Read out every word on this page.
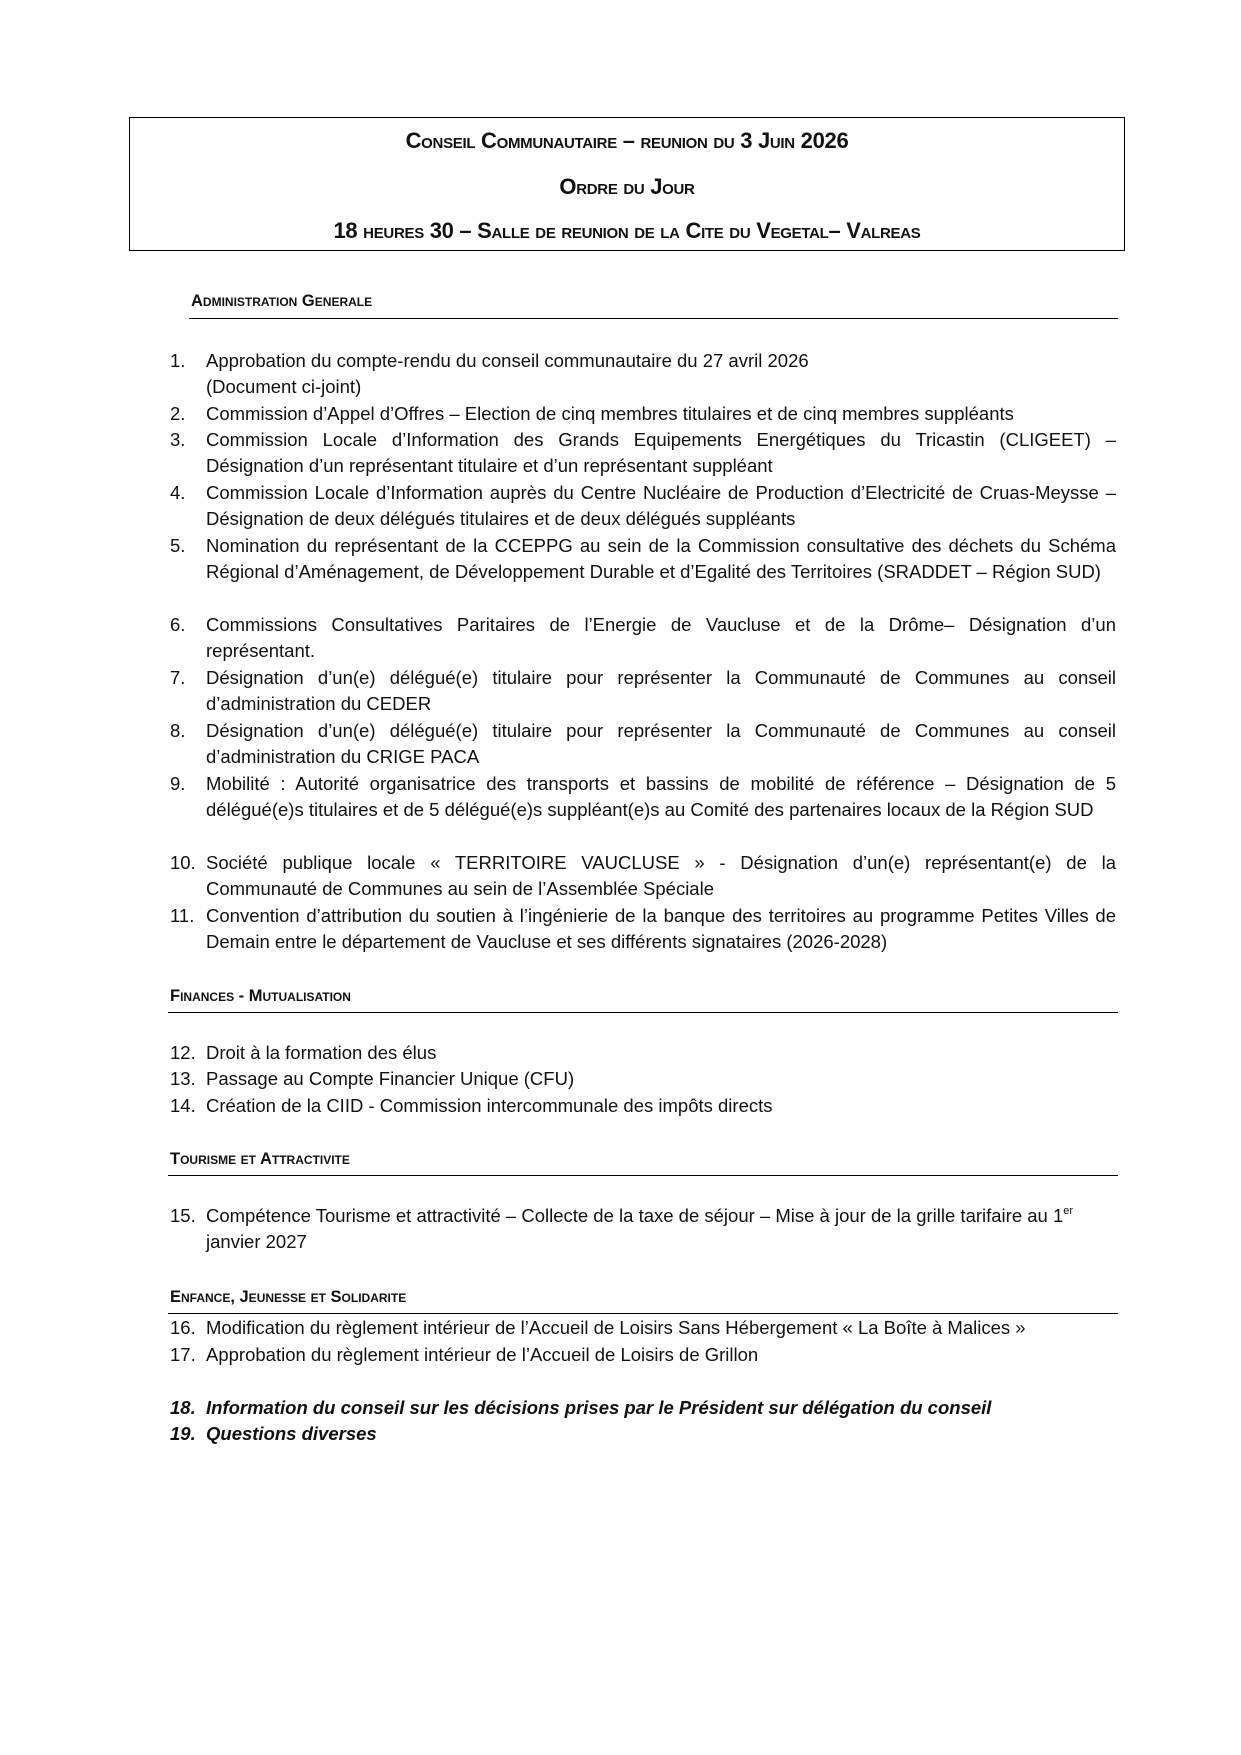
Conseil Communautaire – reunion du 3 Juin 2026
Ordre du Jour
18 heures 30 – Salle de reunion de la Cite du Vegetal– Valreas
Administration Generale
1. Approbation du compte-rendu du conseil communautaire du 27 avril 2026
(Document ci-joint)
2. Commission d’Appel d’Offres – Election de cinq membres titulaires et de cinq membres suppléants
3. Commission Locale d’Information des Grands Equipements Energétiques du Tricastin (CLIGEET) – Désignation d’un représentant titulaire et d’un représentant suppléant
4. Commission Locale d’Information auprès du Centre Nucléaire de Production d’Electricité de Cruas-Meysse – Désignation de deux délégués titulaires et de deux délégués suppléants
5. Nomination du représentant de la CCEPPG au sein de la Commission consultative des déchets du Schéma Régional d’Aménagement, de Développement Durable et d’Egalité des Territoires (SRADDET – Région SUD)
6. Commissions Consultatives Paritaires de l’Energie de Vaucluse et de la Drôme– Désignation d’un représentant.
7. Désignation d’un(e) délégué(e) titulaire pour représenter la Communauté de Communes au conseil d’administration du CEDER
8. Désignation d’un(e) délégué(e) titulaire pour représenter la Communauté de Communes au conseil d’administration du CRIGE PACA
9. Mobilité : Autorité organisatrice des transports et bassins de mobilité de référence – Désignation de 5 délégué(e)s titulaires et de 5 délégué(e)s suppléant(e)s au Comité des partenaires locaux de la Région SUD
10. Société publique locale « TERRITOIRE VAUCLUSE » - Désignation d’un(e) représentant(e) de la Communauté de Communes au sein de l’Assemblée Spéciale
11. Convention d’attribution du soutien à l’ingénierie de la banque des territoires au programme Petites Villes de Demain entre le département de Vaucluse et ses différents signataires (2026-2028)
Finances - Mutualisation
12. Droit à la formation des élus
13. Passage au Compte Financier Unique (CFU)
14. Création de la CIID - Commission intercommunale des impôts directs
Tourisme et Attractivite
15. Compétence Tourisme et attractivité – Collecte de la taxe de séjour – Mise à jour de la grille tarifaire au 1er
janvier 2027
Enfance, Jeunesse et Solidarite
16. Modification du règlement intérieur de l’Accueil de Loisirs Sans Hébergement « La Boîte à Malices »
17. Approbation du règlement intérieur de l’Accueil de Loisirs de Grillon
18. Information du conseil sur les décisions prises par le Président sur délégation du conseil
19. Questions diverses
